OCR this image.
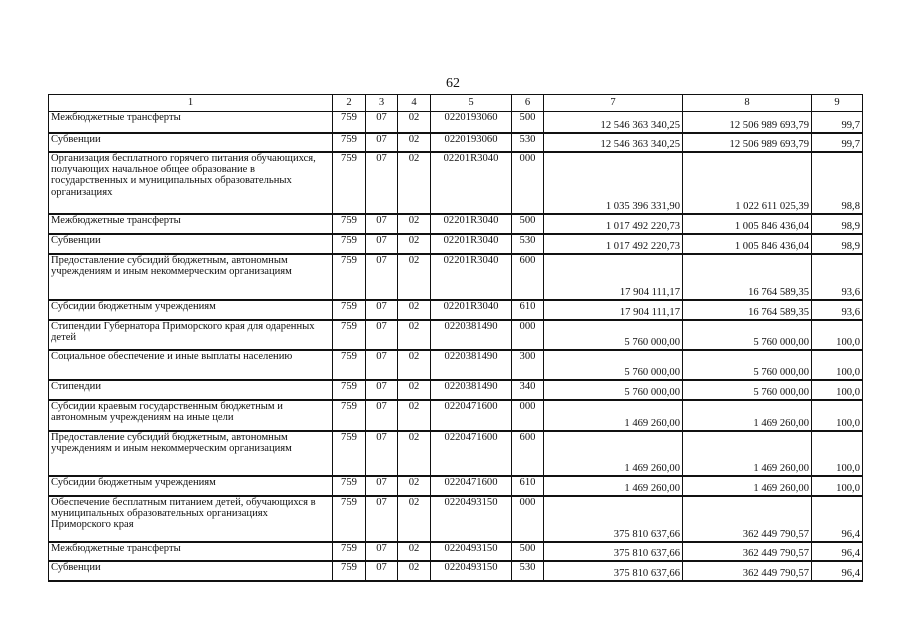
62
1	2	3	4	5	6	7	8	9
Межбюджетные трансферты	759	07	02	0220193060	500	12 546 363 340,25	12 506 989 693,79	99,7
Субвенции	759	07	02	0220193060	530	12 546 363 340,25	12 506 989 693,79	99,7
Организация бесплатного горячего питания обучающихся, получающих начальное общее образование в государственных и муниципальных образовательных организациях	759	07	02	02201R3040	000	1 035 396 331,90	1 022 611 025,39	98,8
Межбюджетные трансферты	759	07	02	02201R3040	500	1 017 492 220,73	1 005 846 436,04	98,9
Субвенции	759	07	02	02201R3040	530	1 017 492 220,73	1 005 846 436,04	98,9
Предоставление субсидий бюджетным, автономным учреждениям и иным некоммерческим организациям	759	07	02	02201R3040	600	17 904 111,17	16 764 589,35	93,6
Субсидии бюджетным учреждениям	759	07	02	02201R3040	610	17 904 111,17	16 764 589,35	93,6
Стипендии Губернатора Приморского края для одаренных детей	759	07	02	0220381490	000	5 760 000,00	5 760 000,00	100,0
Социальное обеспечение и иные выплаты населению	759	07	02	0220381490	300	5 760 000,00	5 760 000,00	100,0
Стипендии	759	07	02	0220381490	340	5 760 000,00	5 760 000,00	100,0
Субсидии краевым государственным бюджетным и автономным учреждениям на иные цели	759	07	02	0220471600	000	1 469 260,00	1 469 260,00	100,0
Предоставление субсидий бюджетным, автономным учреждениям и иным некоммерческим организациям	759	07	02	0220471600	600	1 469 260,00	1 469 260,00	100,0
Субсидии бюджетным учреждениям	759	07	02	0220471600	610	1 469 260,00	1 469 260,00	100,0
Обеспечение бесплатным питанием детей, обучающихся в муниципальных образовательных организациях Приморского края	759	07	02	0220493150	000	375 810 637,66	362 449 790,57	96,4
Межбюджетные трансферты	759	07	02	0220493150	500	375 810 637,66	362 449 790,57	96,4
Субвенции	759	07	02	0220493150	530	375 810 637,66	362 449 790,57	96,4
